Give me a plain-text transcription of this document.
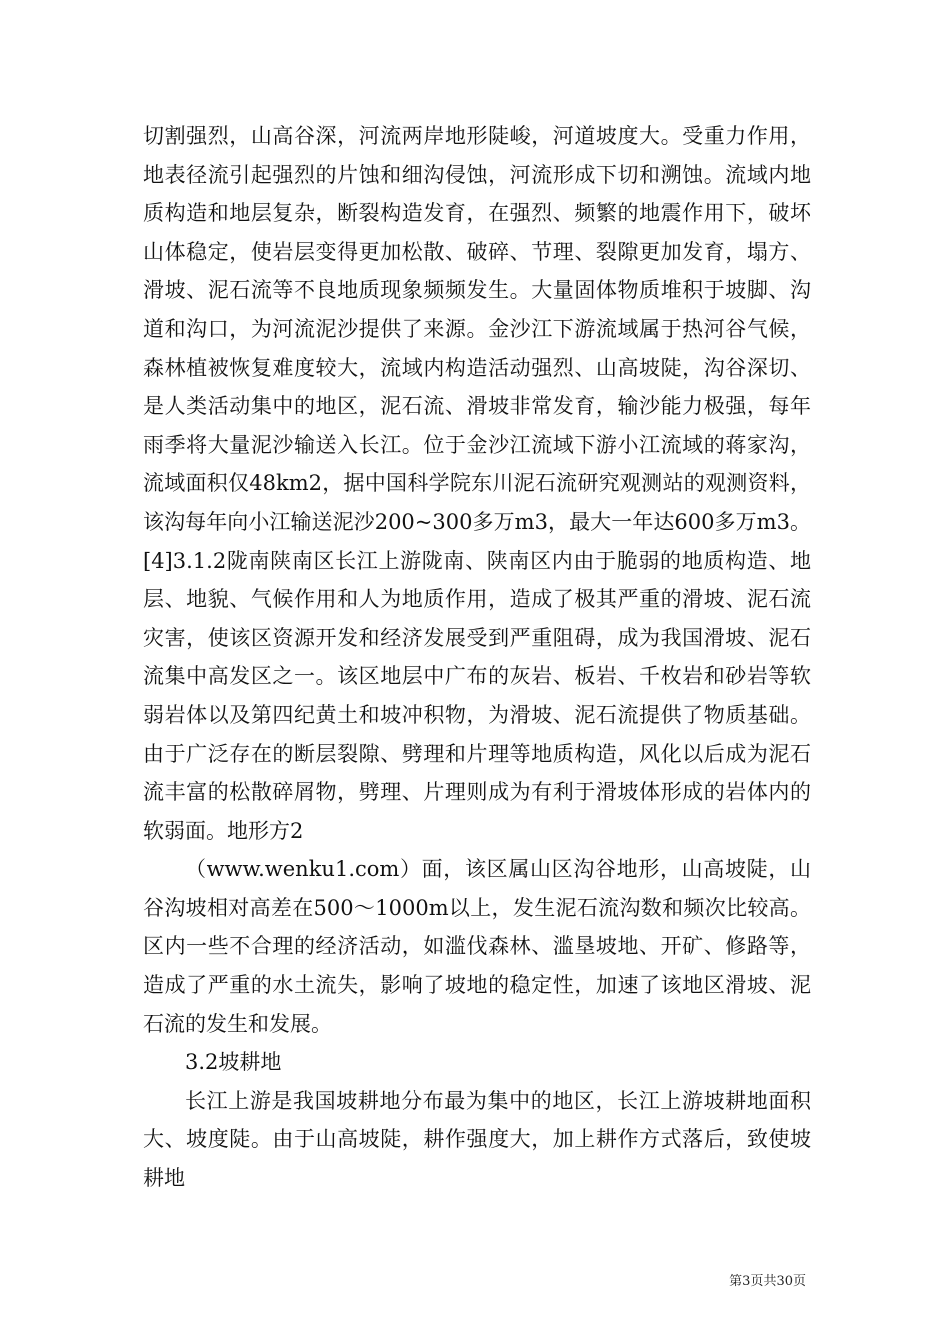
切割强烈，山高谷深，河流两岸地形陡峻，河道坡度大。受重力作用，地表径流引起强烈的片蚀和细沟侵蚀，河流形成下切和溯蚀。流域内地质构造和地层复杂，断裂构造发育，在强烈、频繁的地震作用下，破坏山体稳定，使岩层变得更加松散、破碎、节理、裂隙更加发育，塌方、滑坡、泥石流等不良地质现象频频发生。大量固体物质堆积于坡脚、沟道和沟口，为河流泥沙提供了来源。金沙江下游流域属于热河谷气候，森林植被恢复难度较大，流域内构造活动强烈、山高坡陡，沟谷深切、是人类活动集中的地区，泥石流、滑坡非常发育，输沙能力极强，每年雨季将大量泥沙输送入长江。位于金沙江流域下游小江流域的蒋家沟，流域面积仅48km2，据中国科学院东川泥石流研究观测站的观测资料，该沟每年向小江输送泥沙200~300多万m3，最大一年达600多万m3。[4]3.1.2陇南陕南区长江上游陇南、陕南区内由于脆弱的地质构造、地层、地貌、气候作用和人为地质作用，造成了极其严重的滑坡、泥石流灾害，使该区资源开发和经济发展受到严重阻碍，成为我国滑坡、泥石流集中高发区之一。该区地层中广布的灰岩、板岩、千枚岩和砂岩等软弱岩体以及第四纪黄土和坡冲积物，为滑坡、泥石流提供了物质基础。由于广泛存在的断层裂隙、劈理和片理等地质构造，风化以后成为泥石流丰富的松散碎屑物，劈理、片理则成为有利于滑坡体形成的岩体内的软弱面。地形方2

（www.wenku1.com）面，该区属山区沟谷地形，山高坡陡，山谷沟坡相对高差在500～1000m以上，发生泥石流沟数和频次比较高。区内一些不合理的经济活动，如滥伐森林、滥垦坡地、开矿、修路等，造成了严重的水土流失，影响了坡地的稳定性，加速了该地区滑坡、泥石流的发生和发展。

3.2坡耕地

长江上游是我国坡耕地分布最为集中的地区，长江上游坡耕地面积大、坡度陡。由于山高坡陡，耕作强度大，加上耕作方式落后，致使坡耕地

第3页共30页
